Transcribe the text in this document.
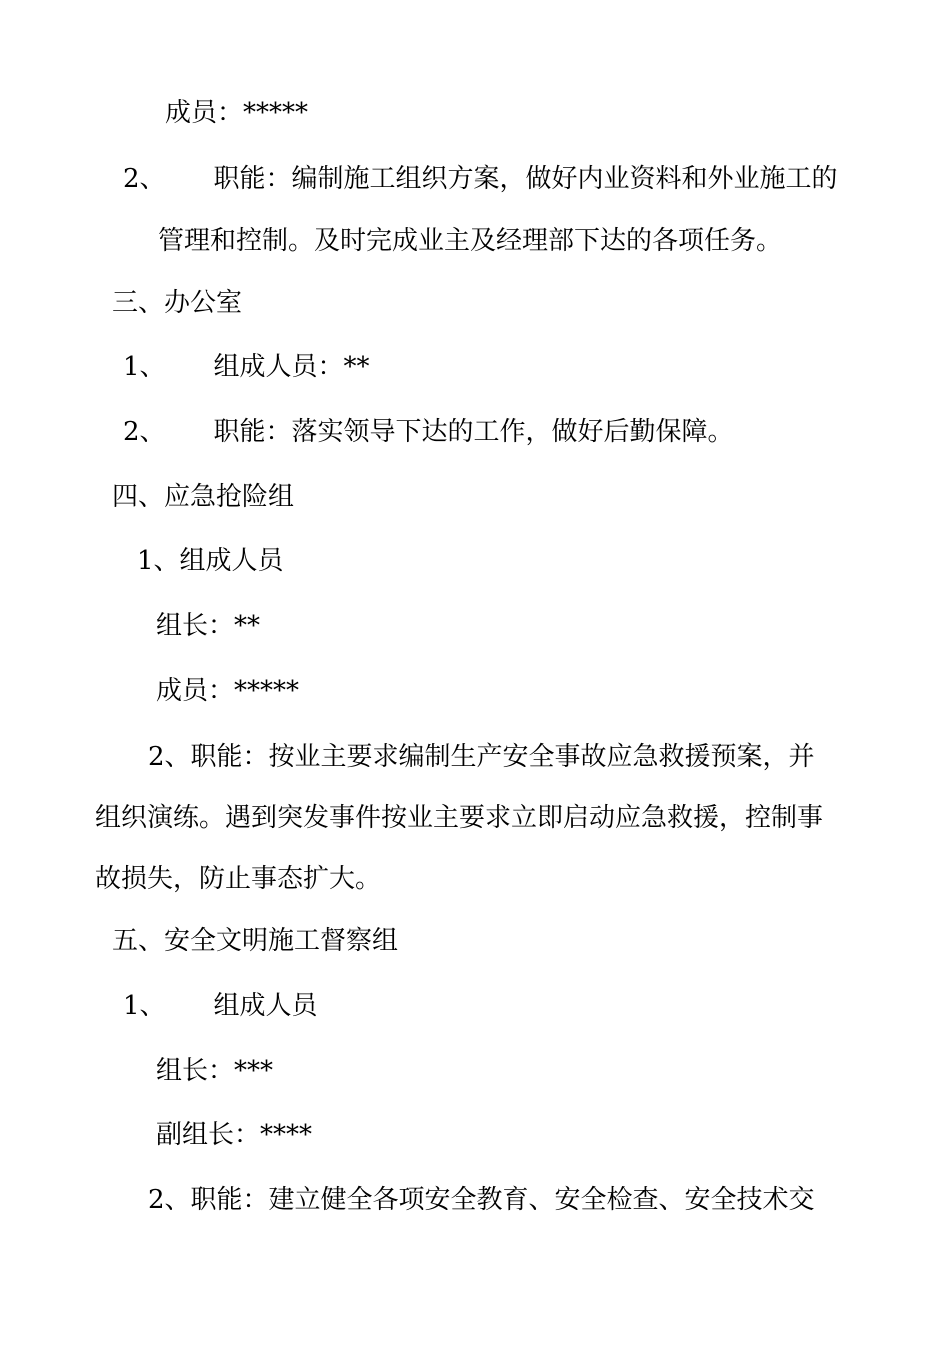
成员：*****
2、 职能：编制施工组织方案，做好内业资料和外业施工的
管理和控制。及时完成业主及经理部下达的各项任务。
三、办公室
1、 组成人员：**
2、 职能：落实领导下达的工作，做好后勤保障。
四、应急抢险组
1、组成人员
组长：**
成员：*****
2、职能：按业主要求编制生产安全事故应急救援预案，并
组织演练。遇到突发事件按业主要求立即启动应急救援，控制事
故损失，防止事态扩大。
五、安全文明施工督察组
1、 组成人员
组长：***
副组长：****
2、职能：建立健全各项安全教育、安全检查、安全技术交
